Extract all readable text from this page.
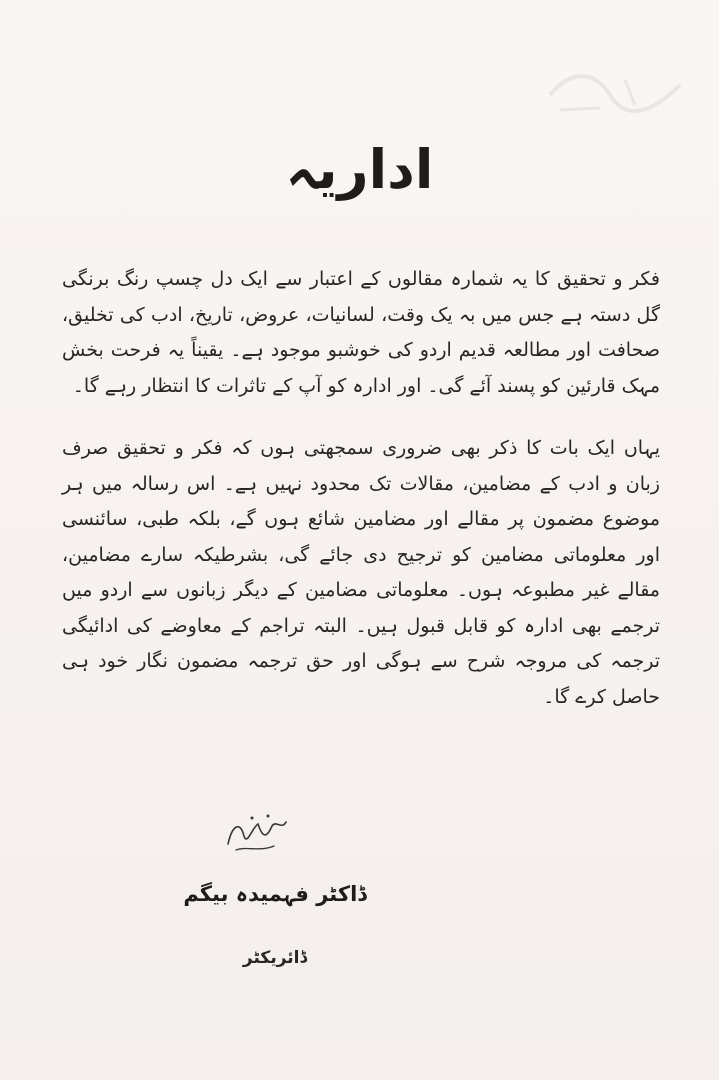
اداریہ

فکر و تحقیق کا یہ شمارہ مقالوں کے اعتبار سے ایک دل چسپ رنگ برنگی گل دستہ ہے جس میں بہ یک وقت، لسانیات، عروض، تاریخ، ادب کی تخلیق، صحافت اور مطالعہ قدیم اردو کی خوشبو موجود ہے۔ یقیناً یہ فرحت بخش مہک قارئین کو پسند آئے گی۔ اور ادارہ کو آپ کے تاثرات کا انتظار رہے گا۔

یہاں ایک بات کا ذکر بھی ضروری سمجھتی ہوں کہ فکر و تحقیق صرف زبان و ادب کے مضامین، مقالات تک محدود نہیں ہے۔ اس رسالہ میں ہر موضوع مضمون پر مقالے اور مضامین شائع ہوں گے، بلکہ طبی، سائنسی اور معلوماتی مضامین کو ترجیح دی جائے گی، بشرطیکہ سارے مضامین، مقالے غیر مطبوعہ ہوں۔ معلوماتی مضامین کے دیگر زبانوں سے اردو میں ترجمے بھی ادارہ کو قابل قبول ہیں۔ البتہ تراجم کے معاوضے کی ادائیگی ترجمہ کی مروجہ شرح سے ہوگی اور حق ترجمہ مضمون نگار خود ہی حاصل کرے گا۔

ڈاکٹر فہمیدہ بیگم
ڈائریکٹر
